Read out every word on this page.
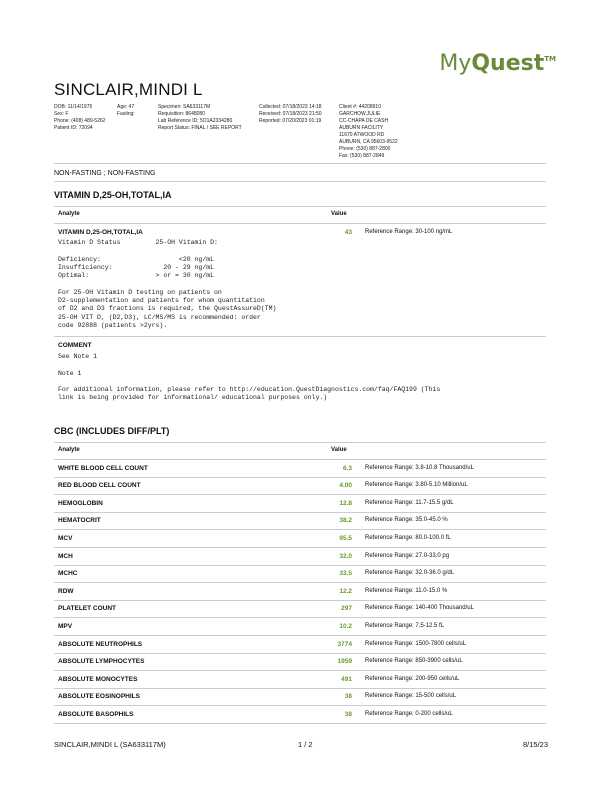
MyQuest™
SINCLAIR,MINDI L
DOB: 11/14/1975
Sex: F
Phone: (408) 489-5262
Patient ID: 72094
Age: 47
Fasting:
Specimen: SA633117M
Requisition: 8648080
Lab Reference ID: 5O1A2334280
Report Status: FINAL / SEE REPORT
Collected: 07/18/2023 14:18
Received: 07/18/2023 21:50
Reported: 07/20/2023 01:19
Client #: 44208910
GARCHOW,JULIE
CC-CHAPA DE CASH
AUBURN FACILITY
11670 ATWOOD RD
AUBURN, CA 95603-9522
Phone: (530) 887-2800
Fax: (530) 887-2849
NON-FASTING ; NON-FASTING
VITAMIN D,25-OH,TOTAL,IA
Analyte	Value
VITAMIN D,25-OH,TOTAL,IA	43 Reference Range: 30-100 ng/mL
Vitamin D Status         25-OH Vitamin D:

Deficiency:                    <20 ng/mL
Insufficiency:             20 - 29 ng/mL
Optimal:                 > or = 30 ng/mL

For 25-OH Vitamin D testing on patients on
D2-supplementation and patients for whom quantitation
of D2 and D3 fractions is required, the QuestAssureD(TM)
25-OH VIT D, (D2,D3), LC/MS/MS is recommended: order
code 92888 (patients >2yrs).
COMMENT
See Note 1

Note 1

For additional information, please refer to http://education.QuestDiagnostics.com/faq/FAQ199 (This
link is being provided for informational/ educational purposes only.)
CBC (INCLUDES DIFF/PLT)
Analyte	Value
WHITE BLOOD CELL COUNT	6.3 Reference Range: 3.8-10.8 Thousand/uL
RED BLOOD CELL COUNT	4.00 Reference Range: 3.80-5.10 Million/uL
HEMOGLOBIN	12.8 Reference Range: 11.7-15.5 g/dL
HEMATOCRIT	38.2 Reference Range: 35.0-45.0 %
MCV	95.5 Reference Range: 80.0-100.0 fL
MCH	32.0 Reference Range: 27.0-33.0 pg
MCHC	33.5 Reference Range: 32.0-36.0 g/dL
RDW	12.2 Reference Range: 11.0-15.0 %
PLATELET COUNT	297 Reference Range: 140-400 Thousand/uL
MPV	10.2 Reference Range: 7.5-12.5 fL
ABSOLUTE NEUTROPHILS	3774 Reference Range: 1500-7800 cells/uL
ABSOLUTE LYMPHOCYTES	1959 Reference Range: 850-3900 cells/uL
ABSOLUTE MONOCYTES	491 Reference Range: 200-950 cells/uL
ABSOLUTE EOSINOPHILS	38 Reference Range: 15-500 cells/uL
ABSOLUTE BASOPHILS	38 Reference Range: 0-200 cells/uL
SINCLAIR,MINDI L (SA633117M)	1 / 2	8/15/23
